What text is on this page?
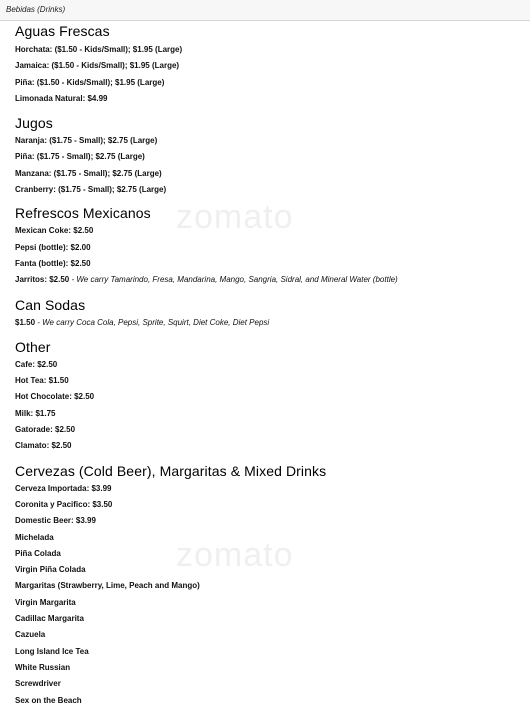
Bebidas (Drinks)
Aguas Frescas
Horchata: ($1.50 - Kids/Small); $1.95 (Large)
Jamaica: ($1.50 - Kids/Small); $1.95 (Large)
Piña: ($1.50 - Kids/Small); $1.95 (Large)
Limonada Natural: $4.99
Jugos
Naranja: ($1.75 - Small); $2.75 (Large)
Piña: ($1.75 - Small); $2.75 (Large)
Manzana: ($1.75 - Small); $2.75 (Large)
Cranberry: ($1.75 - Small); $2.75 (Large)
Refrescos Mexicanos
Mexican Coke: $2.50
Pepsi (bottle): $2.00
Fanta (bottle): $2.50
Jarritos: $2.50 - We carry Tamarindo, Fresa, Mandarina, Mango, Sangria, Sidral, and Mineral Water (bottle)
Can Sodas
$1.50 - We carry Coca Cola, Pepsi, Sprite, Squirt, Diet Coke, Diet Pepsi
Other
Cafe: $2.50
Hot Tea: $1.50
Hot Chocolate: $2.50
Milk: $1.75
Gatorade: $2.50
Clamato: $2.50
Cervezas (Cold Beer), Margaritas & Mixed Drinks
Cerveza Importada: $3.99
Coronita y Pacifico: $3.50
Domestic Beer: $3.99
Michelada
Piña Colada
Virgin Piña Colada
Margaritas (Strawberry, Lime, Peach and Mango)
Virgin Margarita
Cadillac Margarita
Cazuela
Long Island Ice Tea
White Russian
Screwdriver
Sex on the Beach
zomato
zomato
